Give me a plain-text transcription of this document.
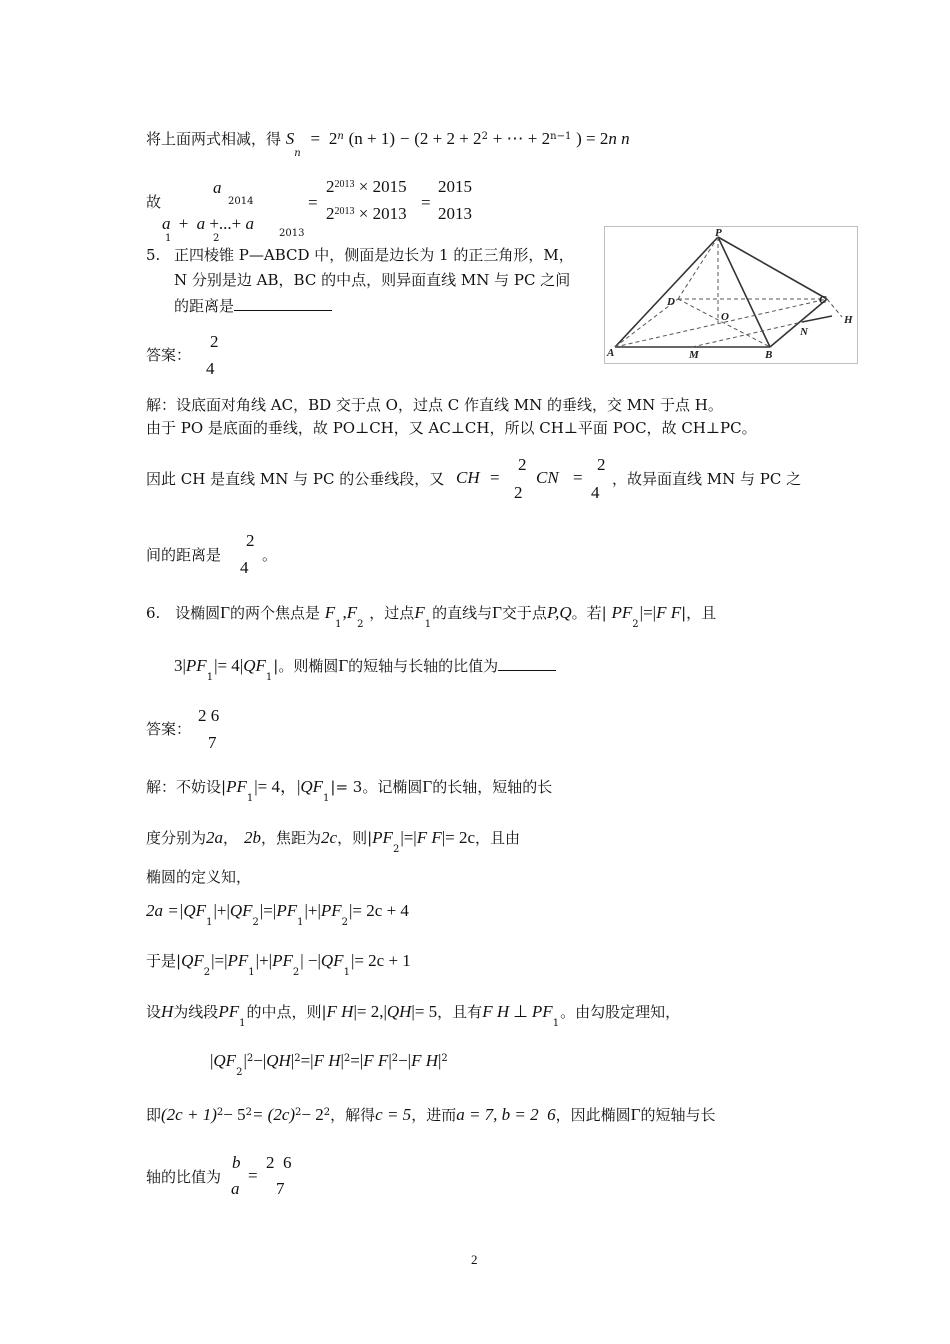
将上面两式相减，得 $S_n = 2^n$ $(n + 1) - (2 + 2 + 2^2$ + ⋯ + $2^{n-1}$ ) = 2n n
故
a
2014
a + a +...+ a
1	2	2013
=
$2^{2013} \times 2015$
$2^{2013} \times 2013$
=
2015
2013
5. 正四棱锥 P—ABCD 中，侧面是边长为 1 的正三角形，M，
N 分别是边 AB，BC 的中点，则异面直线 MN 与 PC 之间
的距离是
答案：
2
4
P
D
O
C
H
A	M	B
N
解：设底面对角线 AC，BD 交于点 O，过点 C 作直线 MN 的垂线，交 MN 于点 H。
由于 PO 是底面的垂线，故 PO⊥CH，又 AC⊥CH，所以 CH⊥平面 POC，故 CH⊥PC。
因此 CH 是直线 MN 与 PC 的公垂线段，又 CH =
2
2
CN =
2
4
，故异面直线 MN 与 PC 之
间的距离是
2
4
。
6. 设椭圆Γ的两个焦点是 $F_1,F_2$ ，过点$F_1$的直线与Γ交于点P,Q。若| $PF_2|=|F$ F|，且
$3|PF_1|= 4|QF_1|$。则椭圆Γ的短轴与长轴的比值为
答案：
2 6
7
解：不妨设$|PF_1|= 4$，$|QF_1|= 3$。记椭圆Γ的长轴，短轴的长
度分别为2a， 2b，焦距为2c，则$|PF_2|=|F$ F|= 2c，且由
椭圆的定义知，
$2a =|QF_1|+|QF_2|=|PF_1|+|PF_2|= 2c + 4$
于是$|QF_2|=|PF_1|+|PF_2| -|QF_1|= 2c + 1$
设H为线段$PF_1$的中点，则|F H|= 2,|QH|= 5，且有F H ⊥ $PF_1$。由勾股定理知，
$|QF_2|^2-|QH|^2=|F$ $H|^2=|F$ $F|^2-|F$ $H|^2$
即$(2c + 1)^2- 5^2= (2c)^2- 2^2$，解得c = 5，进而a = 7, b = 2  6，因此椭圆Γ的短轴与长
轴的比值为
b
a
=
2  6
7
2
